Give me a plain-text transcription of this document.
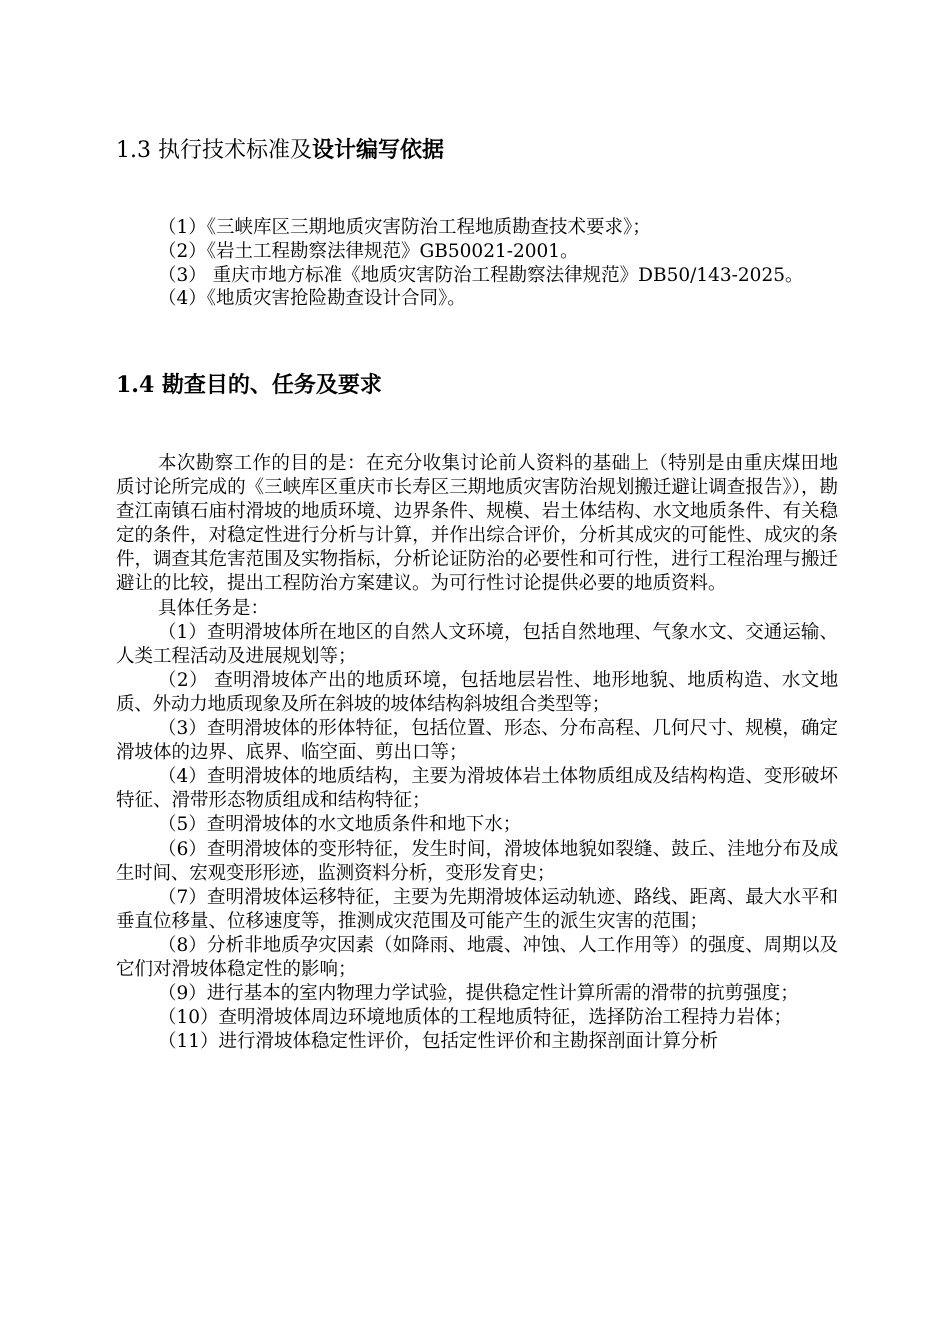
1.3 执行技术标准及设计编写依据

（1）《三峡库区三期地质灾害防治工程地质勘查技术要求》；

（2）《岩土工程勘察法律规范》GB50021-2001。

（3） 重庆市地方标准《地质灾害防治工程勘察法律规范》DB50/143-2025。

（4）《地质灾害抢险勘查设计合同》。

1.4 勘查目的、任务及要求

本次勘察工作的目的是：在充分收集讨论前人资料的基础上（特别是由重庆煤田地质讨论所完成的《三峡库区重庆市长寿区三期地质灾害防治规划搬迁避让调查报告》），勘查江南镇石庙村滑坡的地质环境、边界条件、规模、岩土体结构、水文地质条件、有关稳定的条件，对稳定性进行分析与计算，并作出综合评价，分析其成灾的可能性、成灾的条件，调查其危害范围及实物指标，分析论证防治的必要性和可行性，进行工程治理与搬迁避让的比较，提出工程防治方案建议。为可行性讨论提供必要的地质资料。

具体任务是：

（1）查明滑坡体所在地区的自然人文环境，包括自然地理、气象水文、交通运输、人类工程活动及进展规划等；

（2） 查明滑坡体产出的地质环境，包括地层岩性、地形地貌、地质构造、水文地质、外动力地质现象及所在斜坡的坡体结构斜坡组合类型等；

（3）查明滑坡体的形体特征，包括位置、形态、分布高程、几何尺寸、规模，确定滑坡体的边界、底界、临空面、剪出口等；

（4）查明滑坡体的地质结构，主要为滑坡体岩土体物质组成及结构构造、变形破坏特征、滑带形态物质组成和结构特征；

（5）查明滑坡体的水文地质条件和地下水；

（6）查明滑坡体的变形特征，发生时间，滑坡体地貌如裂缝、鼓丘、洼地分布及成生时间、宏观变形形迹，监测资料分析，变形发育史；

（7）查明滑坡体运移特征，主要为先期滑坡体运动轨迹、路线、距离、最大水平和垂直位移量、位移速度等，推测成灾范围及可能产生的派生灾害的范围；

（8）分析非地质孕灾因素（如降雨、地震、冲蚀、人工作用等）的强度、周期以及它们对滑坡体稳定性的影响；

（9）进行基本的室内物理力学试验，提供稳定性计算所需的滑带的抗剪强度；

（10）查明滑坡体周边环境地质体的工程地质特征，选择防治工程持力岩体；

（11）进行滑坡体稳定性评价，包括定性评价和主勘探剖面计算分析
